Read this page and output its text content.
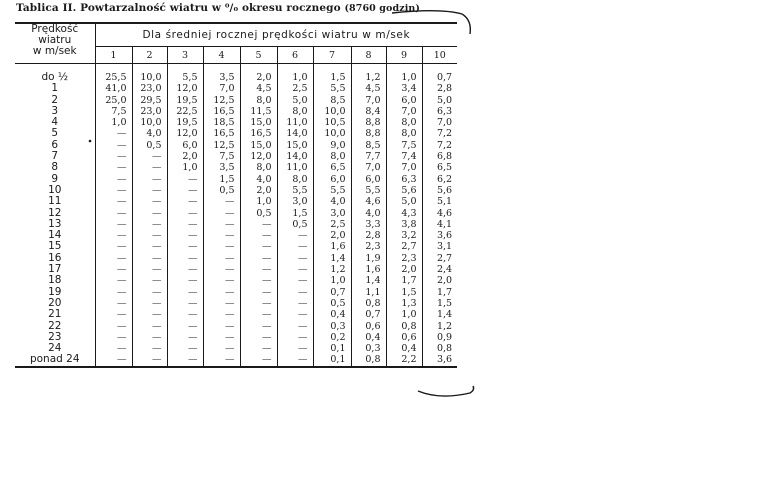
Tablica II. Powtarzalność wiatru w ⁰/₀ okresu rocznego (8760 godzin)
Prędkość
wiatru
w m/sek	Dla średniej rocznej prędkości wiatru w m/sek									
	1	2	3	4	5	6	7	8	9	10

do ½	25,5	10,0	5,5	3,5	2,0	1,0	1,5	1,2	1,0	0,7
1	41,0	23,0	12,0	7,0	4,5	2,5	5,5	4,5	3,4	2,8
2	25,0	29,5	19,5	12,5	8,0	5,0	8,5	7,0	6,0	5,0
3	7,5	23,0	22,5	16,5	11,5	8,0	10,0	8,4	7,0	6,3
4	1,0	10,0	19,5	18,5	15,0	11,0	10,5	8,8	8,0	7,0
5	—	4,0	12,0	16,5	16,5	14,0	10,0	8,8	8,0	7,2
6	—	0,5	6,0	12,5	15,0	15,0	9,0	8,5	7,5	7,2
7	—	—	2,0	7,5	12,0	14,0	8,0	7,7	7,4	6,8
8	—	—	1,0	3,5	8,0	11,0	6,5	7,0	7,0	6,5
9	—	—	—	1,5	4,0	8,0	6,0	6,0	6,3	6,2
10	—	—	—	0,5	2,0	5,5	5,5	5,5	5,6	5,6
11	—	—	—	—	1,0	3,0	4,0	4,6	5,0	5,1
12	—	—	—	—	0,5	1,5	3,0	4,0	4,3	4,6
13	—	—	—	—	—	0,5	2,5	3,3	3,8	4,1
14	—	—	—	—	—	—	2,0	2,8	3,2	3,6
15	—	—	—	—	—	—	1,6	2,3	2,7	3,1
16	—	—	—	—	—	—	1,4	1,9	2,3	2,7
17	—	—	—	—	—	—	1,2	1,6	2,0	2,4
18	—	—	—	—	—	—	1,0	1,4	1,7	2,0
19	—	—	—	—	—	—	0,7	1,1	1,5	1,7
20	—	—	—	—	—	—	0,5	0,8	1,3	1,5
21	—	—	—	—	—	—	0,4	0,7	1,0	1,4
22	—	—	—	—	—	—	0,3	0,6	0,8	1,2
23	—	—	—	—	—	—	0,2	0,4	0,6	0,9
24	—	—	—	—	—	—	0,1	0,3	0,4	0,8
ponad 24	—	—	—	—	—	—	0,1	0,8	2,2	3,6
